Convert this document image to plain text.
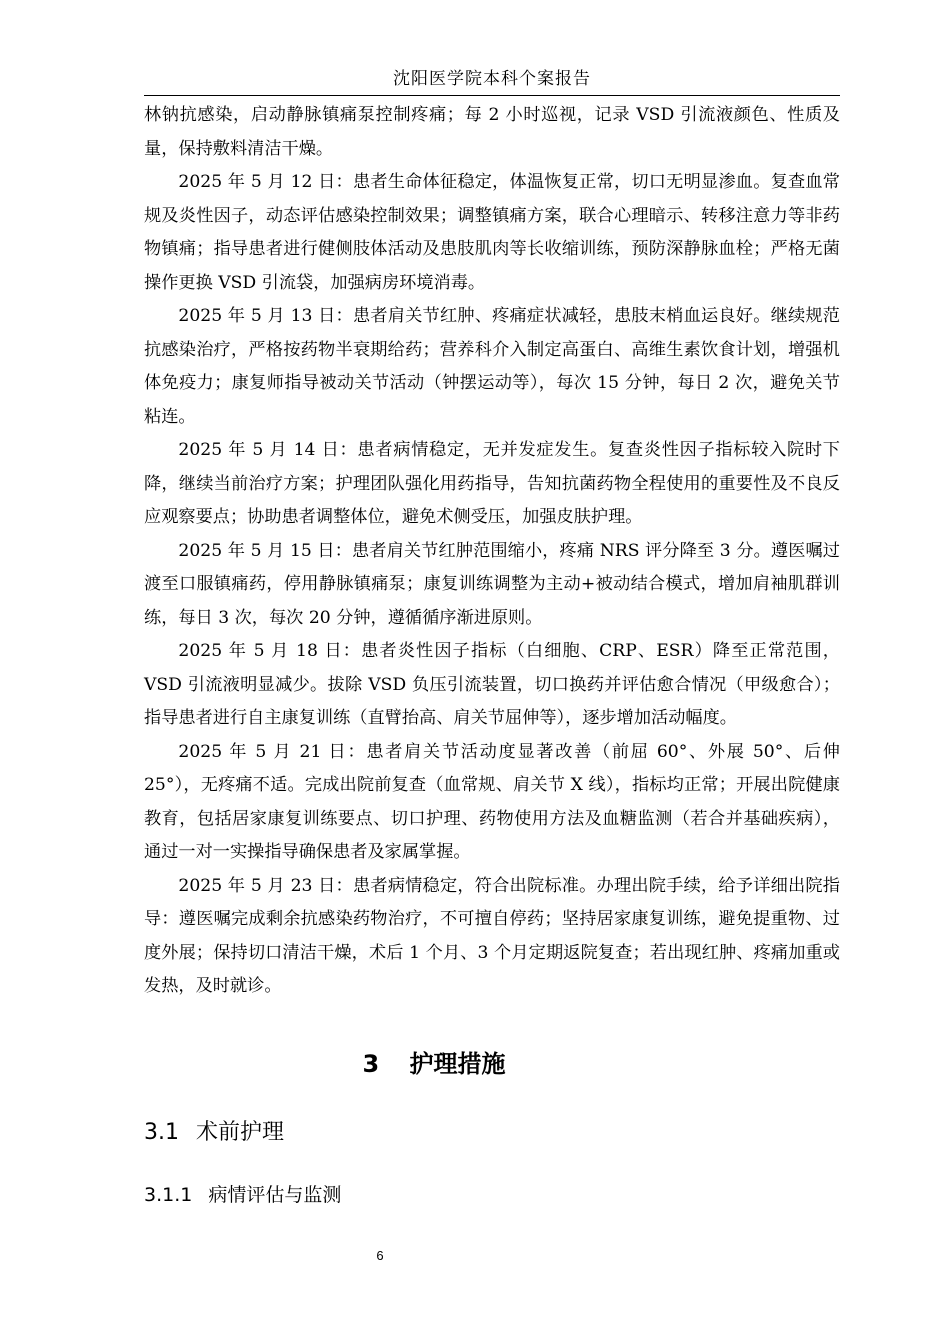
沈阳医学院本科个案报告

林钠抗感染，启动静脉镇痛泵控制疼痛；每 2 小时巡视，记录 VSD 引流液颜色、性质及量，保持敷料清洁干燥。

2025 年 5 月 12 日：患者生命体征稳定，体温恢复正常，切口无明显渗血。复查血常规及炎性因子，动态评估感染控制效果；调整镇痛方案，联合心理暗示、转移注意力等非药物镇痛；指导患者进行健侧肢体活动及患肢肌肉等长收缩训练，预防深静脉血栓；严格无菌操作更换 VSD 引流袋，加强病房环境消毒。

2025 年 5 月 13 日：患者肩关节红肿、疼痛症状减轻，患肢末梢血运良好。继续规范抗感染治疗，严格按药物半衰期给药；营养科介入制定高蛋白、高维生素饮食计划，增强机体免疫力；康复师指导被动关节活动（钟摆运动等），每次 15 分钟，每日 2 次，避免关节粘连。

2025 年 5 月 14 日：患者病情稳定，无并发症发生。复查炎性因子指标较入院时下降，继续当前治疗方案；护理团队强化用药指导，告知抗菌药物全程使用的重要性及不良反应观察要点；协助患者调整体位，避免术侧受压，加强皮肤护理。

2025 年 5 月 15 日：患者肩关节红肿范围缩小，疼痛 NRS 评分降至 3 分。遵医嘱过渡至口服镇痛药，停用静脉镇痛泵；康复训练调整为主动+被动结合模式，增加肩袖肌群训练，每日 3 次，每次 20 分钟，遵循循序渐进原则。

2025 年 5 月 18 日：患者炎性因子指标（白细胞、CRP、ESR）降至正常范围，VSD 引流液明显减少。拔除 VSD 负压引流装置，切口换药并评估愈合情况（甲级愈合）；指导患者进行自主康复训练（直臂抬高、肩关节屈伸等），逐步增加活动幅度。

2025 年 5 月 21 日：患者肩关节活动度显著改善（前屈 60°、外展 50°、后伸 25°），无疼痛不适。完成出院前复查（血常规、肩关节 X 线），指标均正常；开展出院健康教育，包括居家康复训练要点、切口护理、药物使用方法及血糖监测（若合并基础疾病），通过一对一实操指导确保患者及家属掌握。

2025 年 5 月 23 日：患者病情稳定，符合出院标准。办理出院手续，给予详细出院指导：遵医嘱完成剩余抗感染药物治疗，不可擅自停药；坚持居家康复训练，避免提重物、过度外展；保持切口清洁干燥，术后 1 个月、3 个月定期返院复查；若出现红肿、疼痛加重或发热，及时就诊。

3 护理措施
3.1 术前护理
3.1.1 病情评估与监测
6
